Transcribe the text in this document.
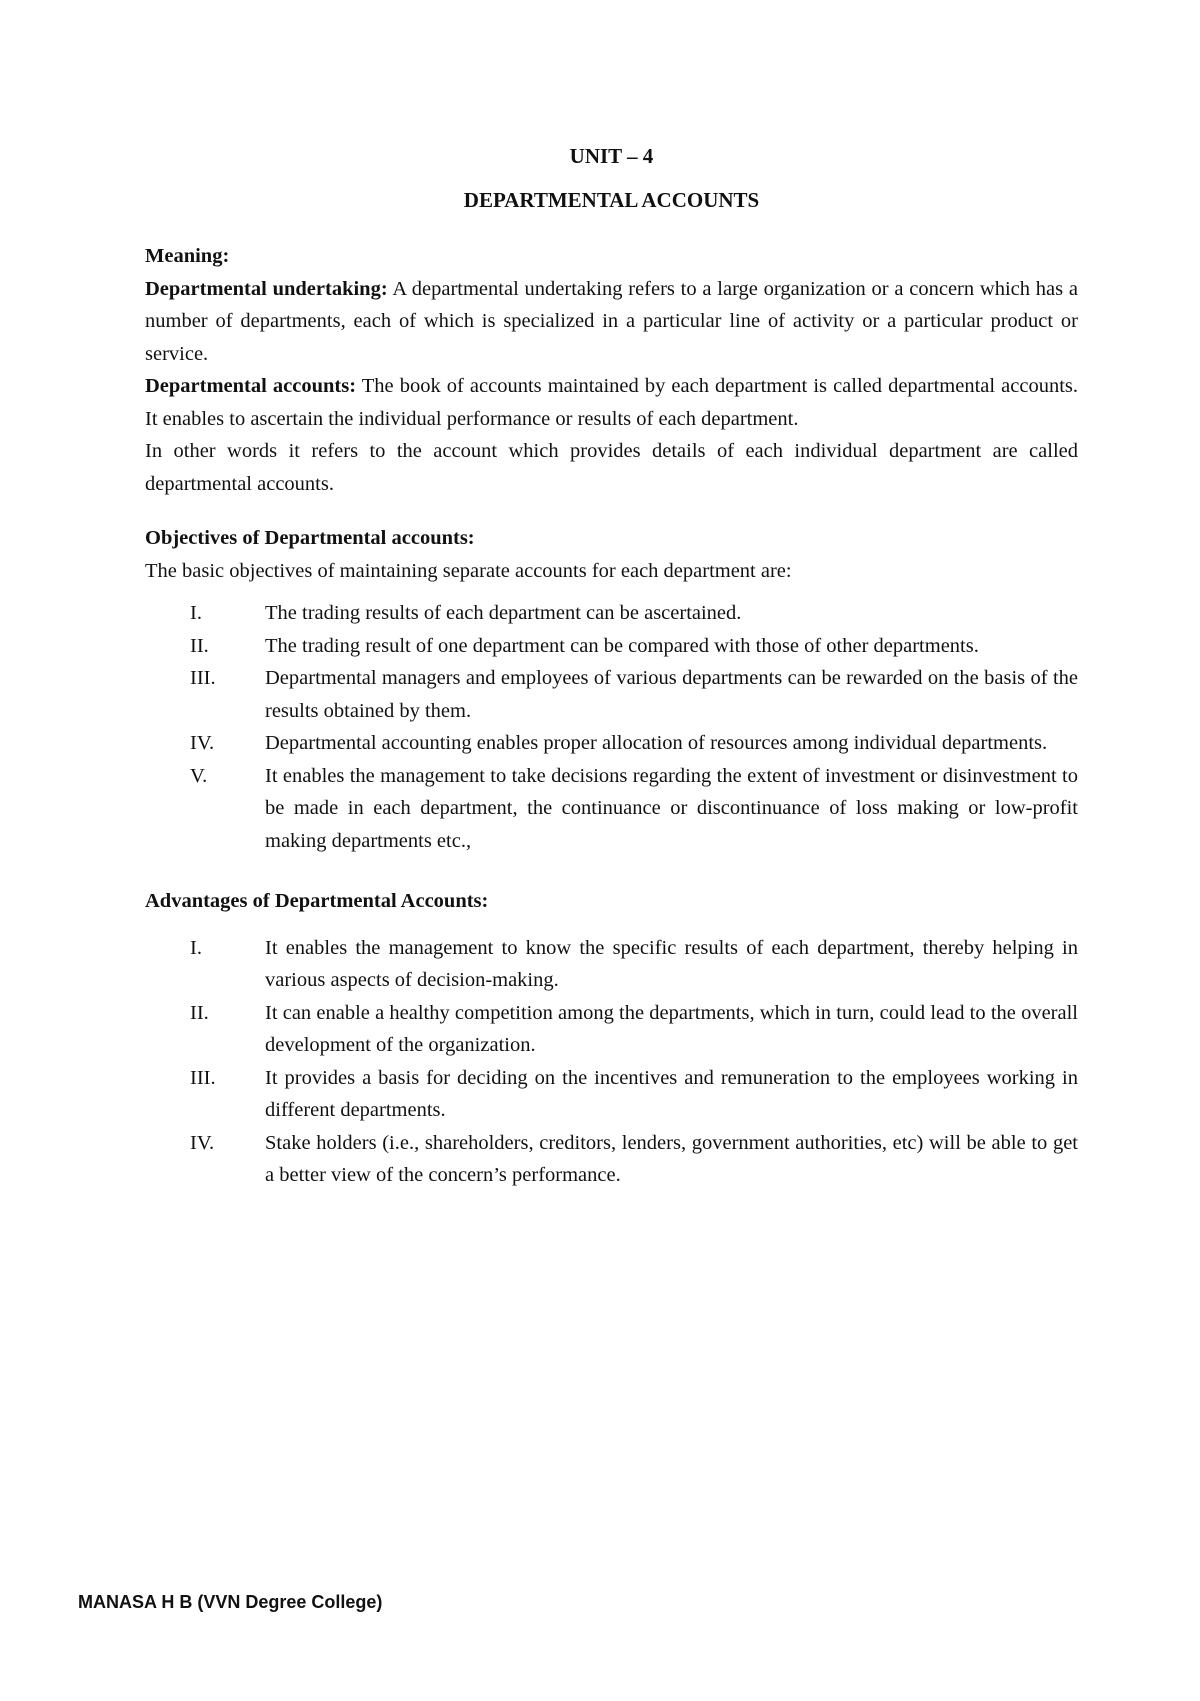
UNIT – 4
DEPARTMENTAL ACCOUNTS

Meaning:

Departmental undertaking: A departmental undertaking refers to a large organization or a concern which has a number of departments, each of which is specialized in a particular line of activity or a particular product or service.

Departmental accounts: The book of accounts maintained by each department is called departmental accounts. It enables to ascertain the individual performance or results of each department.

In other words it refers to the account which provides details of each individual department are called departmental accounts.

Objectives of Departmental accounts:

The basic objectives of maintaining separate accounts for each department are:

I.	The trading results of each department can be ascertained.
II.	The trading result of one department can be compared with those of other departments.
III. Departmental managers and employees of various departments can be rewarded on the basis of the results obtained by them.
IV. Departmental accounting enables proper allocation of resources among individual departments.
V.	It enables the management to take decisions regarding the extent of investment or disinvestment to be made in each department, the continuance or discontinuance of loss making or low-profit making departments etc.,

Advantages of Departmental Accounts:

I.	It enables the management to know the specific results of each department, thereby helping in various aspects of decision-making.
II.	It can enable a healthy competition among the departments, which in turn, could lead to the overall development of the organization.
III. It provides a basis for deciding on the incentives and remuneration to the employees working in different departments.
IV. Stake holders (i.e., shareholders, creditors, lenders, government authorities, etc) will be able to get a better view of the concern’s performance.
MANASA H B (VVN Degree College)
